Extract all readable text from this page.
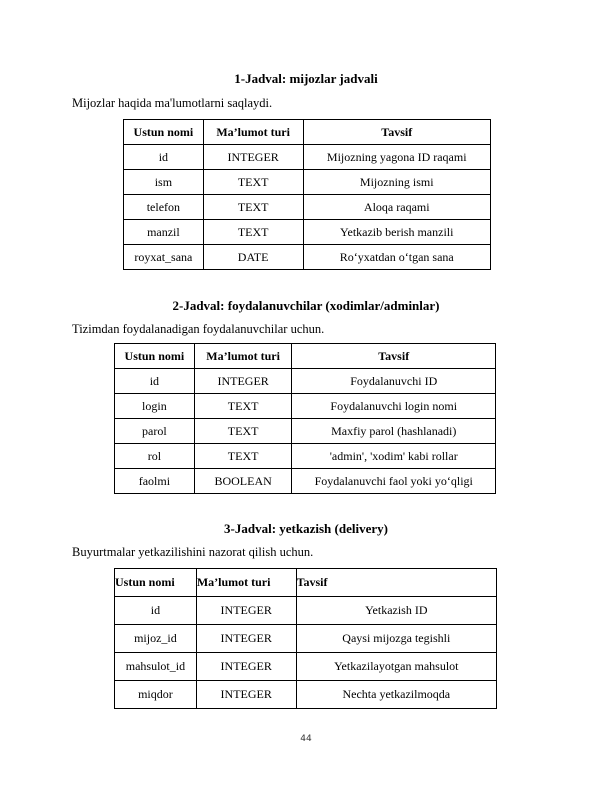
1-Jadval: mijozlar jadvali
Mijozlar haqida ma'lumotlarni saqlaydi.
Ustun nomi	Ma’lumot turi	Tavsif
id	INTEGER	Mijozning yagona ID raqami
ism	TEXT	Mijozning ismi
telefon	TEXT	Aloqa raqami
manzil	TEXT	Yetkazib berish manzili
royxat_sana	DATE	Ro‘yxatdan o‘tgan sana
2-Jadval: foydalanuvchilar (xodimlar/adminlar)
Tizimdan foydalanadigan foydalanuvchilar uchun.
Ustun nomi	Ma’lumot turi	Tavsif
id	INTEGER	Foydalanuvchi ID
login	TEXT	Foydalanuvchi login nomi
parol	TEXT	Maxfiy parol (hashlanadi)
rol	TEXT	'admin', 'xodim' kabi rollar
faolmi	BOOLEAN	Foydalanuvchi faol yoki yo‘qligi
3-Jadval: yetkazish (delivery)
Buyurtmalar yetkazilishini nazorat qilish uchun.
Ustun nomi	Ma’lumot turi	Tavsif
id	INTEGER	Yetkazish ID
mijoz_id	INTEGER	Qaysi mijozga tegishli
mahsulot_id	INTEGER	Yetkazilayotgan mahsulot
miqdor	INTEGER	Nechta yetkazilmoqda
44
